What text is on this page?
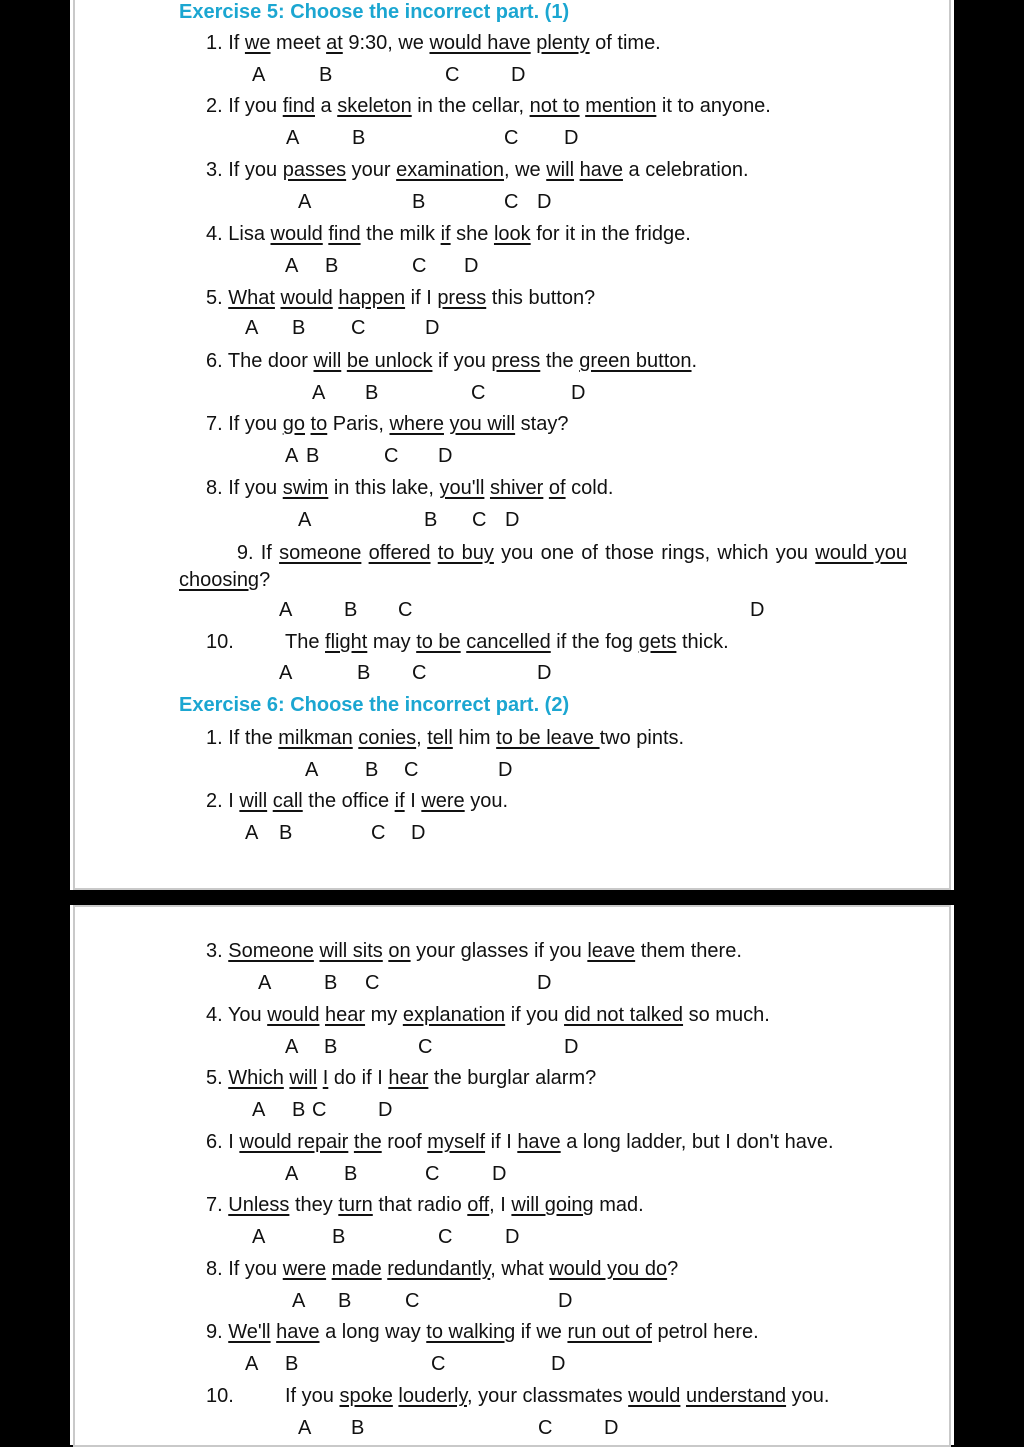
Exercise 5: Choose the incorrect part. (1)
1. If we meet at 9:30, we would have plenty of time.
A	B	C	D
2. If you find a skeleton in the cellar, not to mention it to anyone.
A	B	C D
3. If you passes your examination, we will have a celebration.
A	B	C D
4. Lisa would find the milk if she look for it in the fridge.
A B	C D
5. What would happen if I press this button?
A B C	D
6. The door will be unlock if you press the green button.
A B	C	D
7. If you go to Paris, where you will stay?
A B	C D
8. If you swim in this lake, you'll shiver of cold.
A	B C D
9. If someone offered to buy you one of those rings, which you would you choosing?
A	B C	D
10.	The flight may to be cancelled if the fog gets thick.
A	B C	D
Exercise 6: Choose the incorrect part. (2)
1. If the milkman conies, tell him to be leave two pints.
A B C	D
2. I will call the office if I were you.
A B	C D
3. Someone will sits on your glasses if you leave them there.
A	B C	D
4. You would hear my explanation if you did not talked so much.
A B	C	D
5. Which will I do if I hear the burglar alarm?
A B C	D
6. I would repair the roof myself if I have a long ladder, but I don't have.
A B	C	D
7. Unless they turn that radio off, I will going mad.
A	B	C	D
8. If you were made redundantly, what would you do?
A B	C	D
9. We'll have a long way to walking if we run out of petrol here.
A B	C	D
10.	If you spoke louderly, your classmates would understand you.
A B	C	D
